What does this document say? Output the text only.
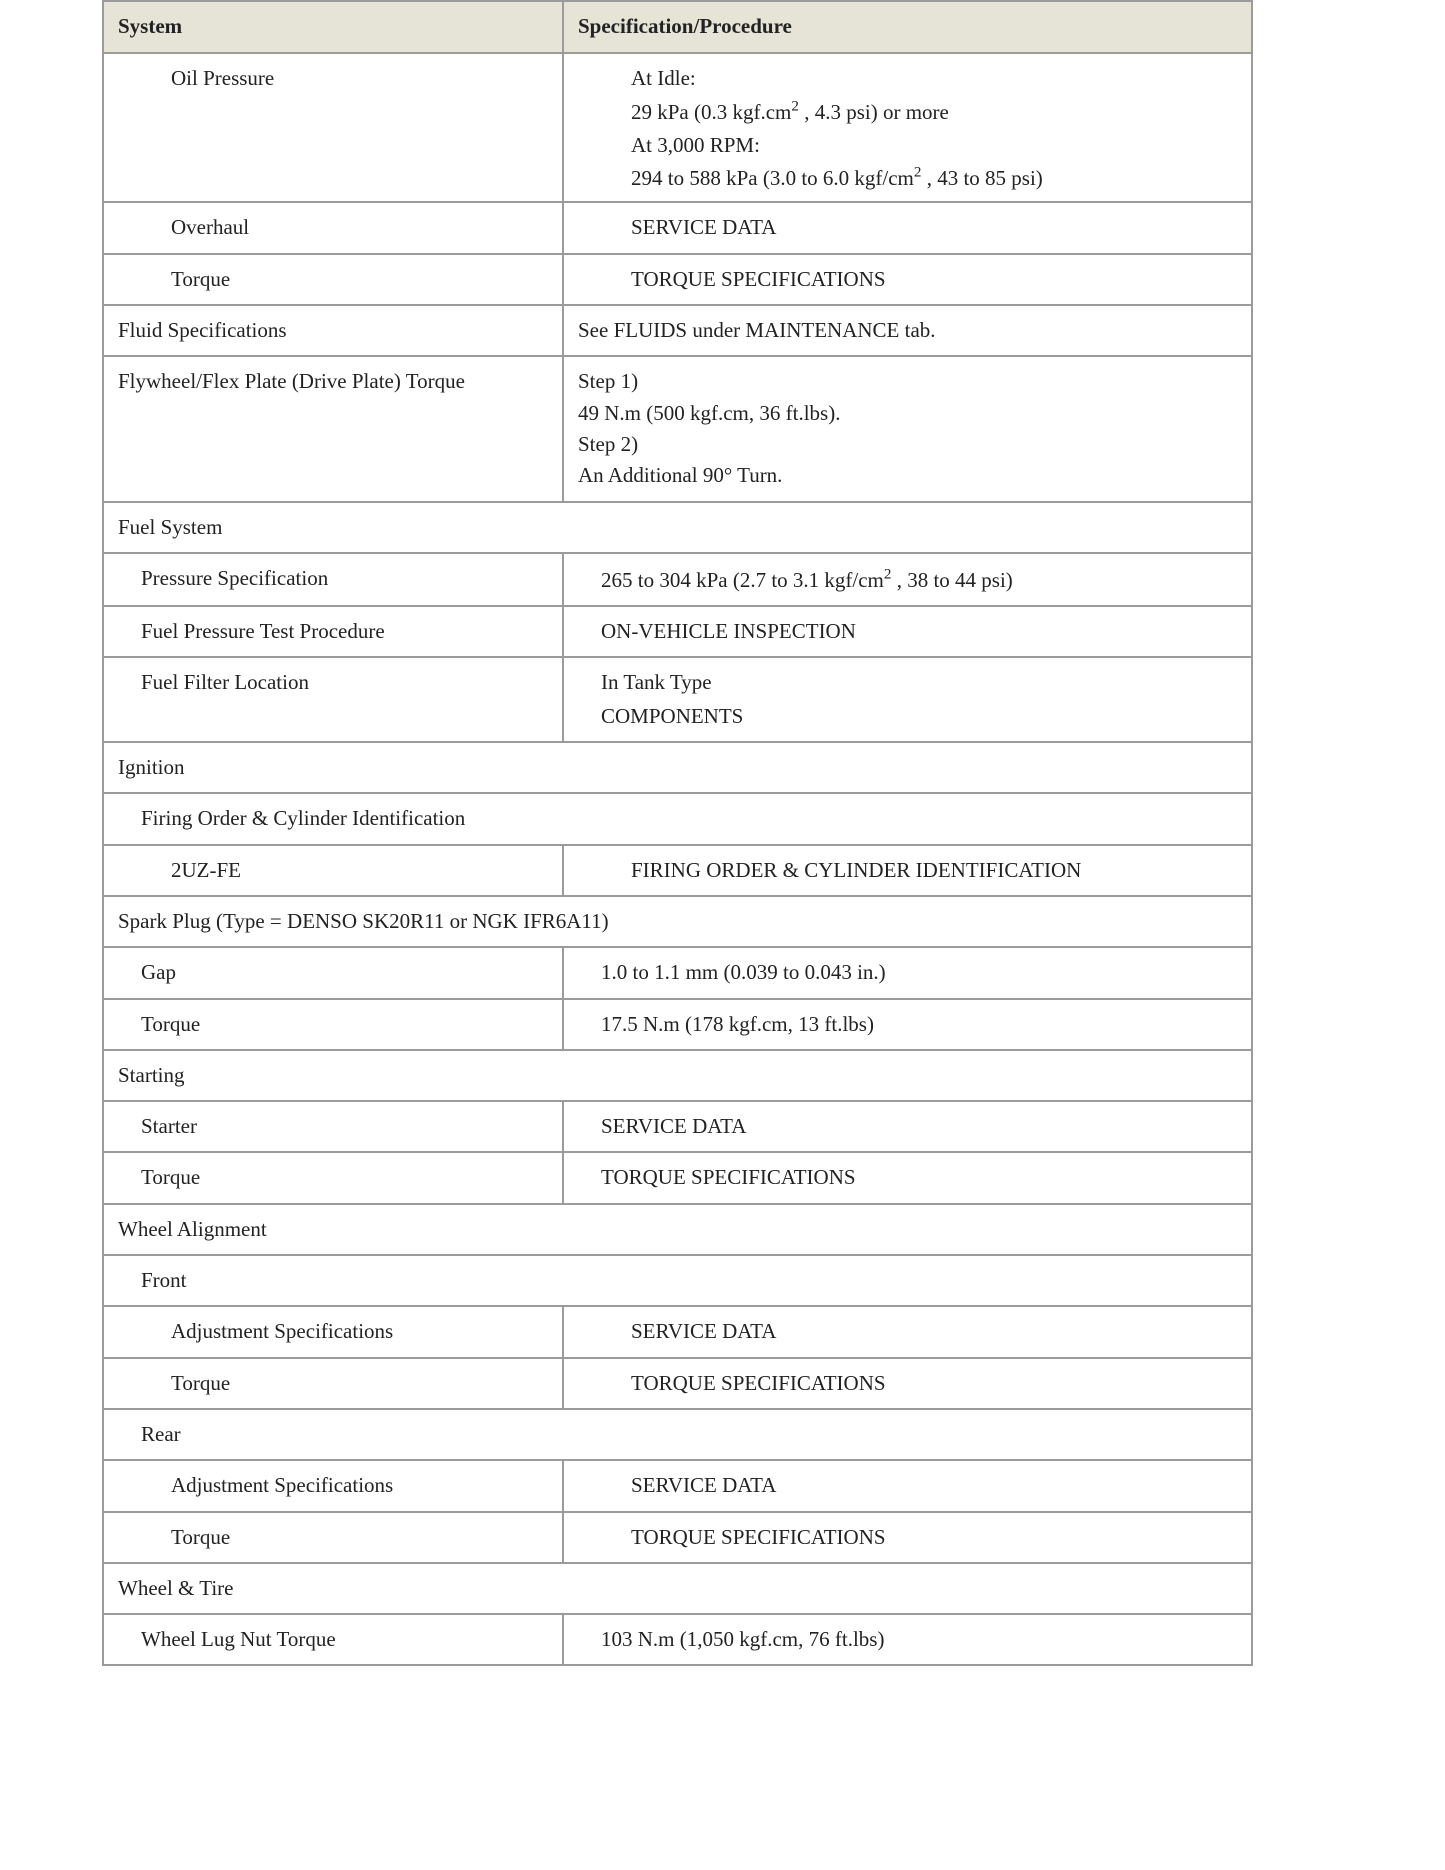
System	Specification/Procedure
Oil Pressure	At Idle:
29 kPa (0.3 $kgf.cm^2$ , 4.3 psi) or more
At 3,000 RPM:
294 to 588 kPa (3.0 to 6.0 kgf/$cm^2$ , 43 to 85 psi)

Overhaul	SERVICE DATA
Torque	TORQUE SPECIFICATIONS
Fluid Specifications	See FLUIDS under MAINTENANCE tab.
Flywheel/Flex Plate (Drive Plate) Torque	Step 1)
49 N.m (500 kgf.cm, 36 ft.lbs).
Step 2)
An Additional 90° Turn.

Fuel System	
Pressure Specification	265 to 304 kPa (2.7 to 3.1 kgf/$cm^2$ , 38 to 44 psi)
Fuel Pressure Test Procedure	ON-VEHICLE INSPECTION
Fuel Filter Location	In Tank Type
COMPONENTS

Ignition	
Firing Order & Cylinder Identification	
2UZ-FE	FIRING ORDER & CYLINDER IDENTIFICATION
Spark Plug (Type = DENSO SK20R11 or NGK IFR6A11)	
Gap	1.0 to 1.1 mm (0.039 to 0.043 in.)
Torque	17.5 N.m (178 kgf.cm, 13 ft.lbs)
Starting	
Starter	SERVICE DATA
Torque	TORQUE SPECIFICATIONS
Wheel Alignment	
Front	
Adjustment Specifications	SERVICE DATA
Torque	TORQUE SPECIFICATIONS
Rear	
Adjustment Specifications	SERVICE DATA
Torque	TORQUE SPECIFICATIONS
Wheel & Tire	
Wheel Lug Nut Torque	103 N.m (1,050 kgf.cm, 76 ft.lbs)
